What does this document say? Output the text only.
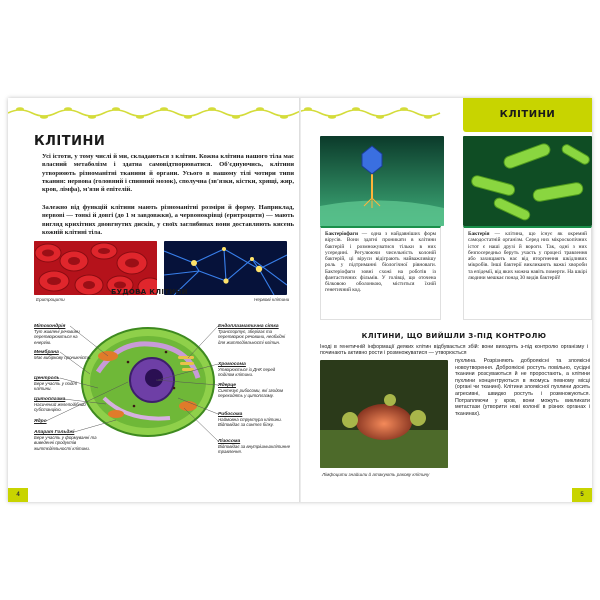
КЛІТИНИ
Усі істоти, у тому числі й ми, складаються з клітин. Кожна клітина нашого тіла має власний метаболізм і здатна самовідтворюватися. Об'єднуючись, клітини утворюють різноманітні тканини й органи. Усього в нашому тілі чотири типи тканин: нервова (головний і спинний мозок), сполучна (зв'язки, кістки, хрящі, жир, кров, лімфа), м'язи й епітелій.
Залежно від функцій клітини мають різноманітні розміри й форму. Наприклад, нервові — тонкі й довгі (до 1 м завдовжки), а червонокрівці (еритроцити) — мають вигляд крихітних двовгнутих дисків, у своїх заглибинах вони доставляють кисень кожній клітині тіла.
Еритроцити	Нервові клітини
БУДОВА КЛІТИНИ
Мітохондрія
Тут живлені речовини перетворюються на енергію.
Мембрана
Має вибіркову проникність.
Центроль
Бере участь у поділі клітини.
Цитоплазма
Насичений желеподібний субстанцією.
Ядро
Апарат Гольджі
Бере участь у формуванні та виведенні продуктів життєдіяльності клітини.
Ендоплазматична сітка
Транспортує, зберігає та перетворює речовини, необхідні для життєдіяльності клітин.
Хромосома
Утворюється із ДНК перед поділом клітини.
Ядерце
Синтезує рибосоми, які згодом переходять у цитоплазму.
Рибосома
Наймовна структура клітини. Відповідає за синтез білку.
Лізосома
Відповідає за внутрішньоклітинне травлення.
4
КЛІТИНИ
Бактеріофаги — одна з найдавніших форм вірусів. Вони здатні проникати в клітини бактерій і розмножуватися тільки в них усередині. Регулюючи чисельність колоній бактерій, ці віруси відіграють найважливішу роль у підтриманні біологічної рівноваги. Бактеріофаги зовні схожі на роботів із фантастичних фільмів. У голівці, що оточена білковою оболонкою, міститься їхній генетичний код.
Бактерія — клітина, що існує як окремий самодостатній організм. Серед них мікроскопічних істот є наші друзі й вороги. Так, одні з них безпосередньо беруть участь у процесі травлення або захищають нас від вторгнення шкідливих мікробів. Інші бактерії викликають важкі хвороби та епідемії, від яких можна навіть померти. На шкірі людини мешкає понад 30 видів бактерій!
КЛІТИНИ, ЩО ВИЙШЛИ З-ПІД КОНТРОЛЮ
Іноді в генетичній інформації деяких клітин відбувається збій: вони виходять з-під контролю організму і починають активно рости і розмножуватися — утворюється
Лімфоцити знайшли й атакують ракову клітину
пухлина. Розрізняють доброякісні та злоякісні новоутворення. Доброякісні ростуть повільно, сусідні тканини розсуваються й не проростають, а клітини пухлини концентруються в якомусь певному місці (органі чи тканині). Клітини злоякісної пухлини досить агресивні, швидко ростуть і розмножуються. Потрапляючи у кров, вони можуть викликати метастази (утворити нові колонії в різних органах і тканинах).
5
